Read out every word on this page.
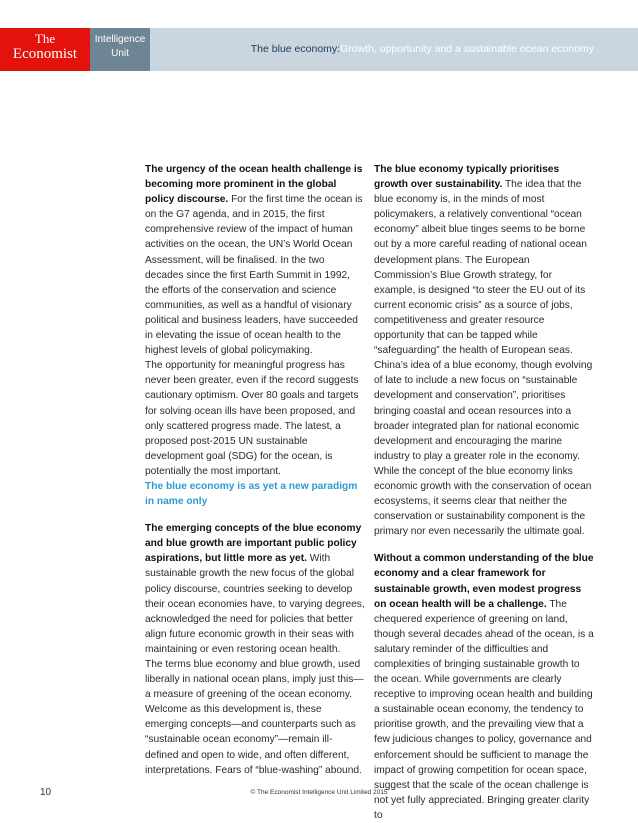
The
Economist
Intelligence
Unit	The blue economy:Growth, opportunity and a sustainable ocean economy

The urgency of the ocean health challenge is becoming more prominent in the global policy discourse. For the first time the ocean is on the G7 agenda, and in 2015, the first comprehensive review of the impact of human activities on the ocean, the UN’s World Ocean Assessment, will be finalised. In the two decades since the first Earth Summit in 1992, the efforts of the conservation and science communities, as well as a handful of visionary political and business leaders, have succeeded in elevating the issue of ocean health to the highest levels of global policymaking.

The opportunity for meaningful progress has never been greater, even if the record suggests cautionary optimism. Over 80 goals and targets for solving ocean ills have been proposed, and only scattered progress made. The latest, a proposed post-2015 UN sustainable development goal (SDG) for the ocean, is potentially the most important.

The blue economy is as yet a new paradigm in name only

The emerging concepts of the blue economy and blue growth are important public policy aspirations, but little more as yet. With sustainable growth the new focus of the global policy discourse, countries seeking to develop their ocean economies have, to varying degrees, acknowledged the need for policies that better align future economic growth in their seas with maintaining or even restoring ocean health.

The terms blue economy and blue growth, used liberally in national ocean plans, imply just this—a measure of greening of the ocean economy. Welcome as this development is, these emerging concepts—and counterparts such as “sustainable ocean economy”—remain ill-defined and open to wide, and often different, interpretations. Fears of “blue-washing” abound.

The blue economy typically prioritises growth over sustainability. The idea that the blue economy is, in the minds of most policymakers, a relatively conventional “ocean economy” albeit blue tinges seems to be borne out by a more careful reading of national ocean development plans. The European Commission’s Blue Growth strategy, for example, is designed “to steer the EU out of its current economic crisis” as a source of jobs, competitiveness and greater resource opportunity that can be tapped while “safeguarding” the health of European seas.

China’s idea of a blue economy, though evolving of late to include a new focus on “sustainable development and conservation”, prioritises bringing coastal and ocean resources into a broader integrated plan for national economic development and encouraging the marine industry to play a greater role in the economy.

While the concept of the blue economy links economic growth with the conservation of ocean ecosystems, it seems clear that neither the conservation or sustainability component is the primary nor even necessarily the ultimate goal.

Without a common understanding of the blue economy and a clear framework for sustainable growth, even modest progress on ocean health will be a challenge. The chequered experience of greening on land, though several decades ahead of the ocean, is a salutary reminder of the difficulties and complexities of bringing sustainable growth to the ocean. While governments are clearly receptive to improving ocean health and building a sustainable ocean economy, the tendency to prioritise growth, and the prevailing view that a few judicious changes to policy, governance and enforcement should be sufficient to manage the impact of growing competition for ocean space, suggest that the scale of the ocean challenge is not yet fully appreciated. Bringing greater clarity to

10	© The Economist Intelligence Unit Limited 2015
